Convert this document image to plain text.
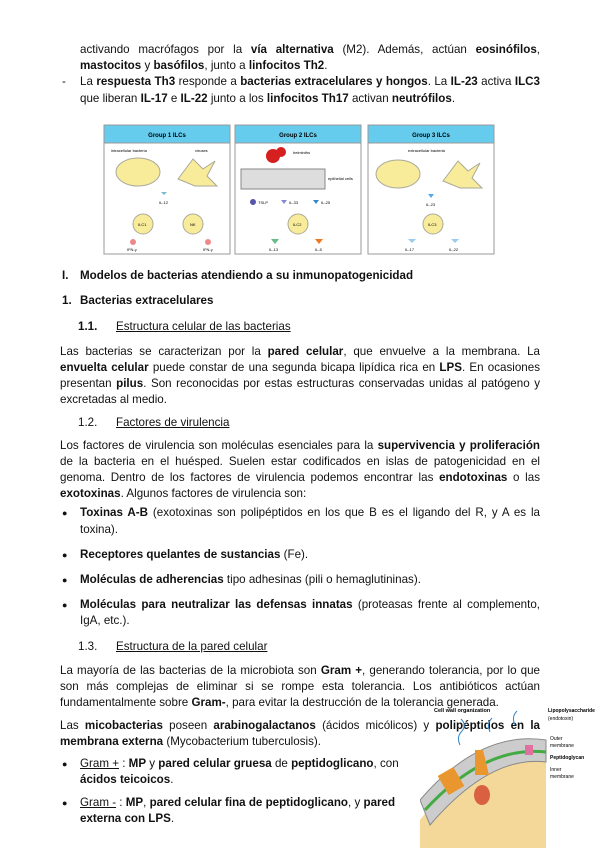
activando macrófagos por la vía alternativa (M2). Además, actúan eosinófilos, mastocitos y basófilos, junto a linfocitos Th2.
-	La respuesta Th3 responde a bacterias extracelulares y hongos. La IL-23 activa ILC3 que liberan IL-17 e IL-22 junto a los linfocitos Th17 activan neutrófilos.
Group 1 ILCs
intracellular bacteria	viruses
IL-12
ILC1	NK
IFN-γ	IFN-γ
Group 2 ILCs
helminths
epithelial cells
TSLP	IL-33	IL-25
ILC2
IL-13	IL-5
Group 3 ILCs
extracellular bacteria
IL-23
ILC3
IL-17	IL-22
I. Modelos de bacterias atendiendo a su inmunopatogenicidad
1. Bacterias extracelulares
1.1.	Estructura celular de las bacterias
Las bacterias se caracterizan por la pared celular, que envuelve a la membrana. La envuelta celular puede constar de una segunda bicapa lipídica rica en LPS. En ocasiones presentan pilus. Son reconocidas por estas estructuras conservadas unidas al patógeno y excretadas al medio.
1.2.	Factores de virulencia
Los factores de virulencia son moléculas esenciales para la supervivencia y proliferación de la bacteria en el huésped. Suelen estar codificados en islas de patogenicidad en el genoma. Dentro de los factores de virulencia podemos encontrar las endotoxinas o las exotoxinas. Algunos factores de virulencia son:
●	Toxinas A-B (exotoxinas son polipéptidos en los que B es el ligando del R, y A es la toxina).
●	Receptores quelantes de sustancias (Fe).
●	Moléculas de adherencias tipo adhesinas (pili o hemaglutininas).
●	Moléculas para neutralizar las defensas innatas (proteasas frente al complemento, IgA, etc.).
1.3.	Estructura de la pared celular
La mayoría de las bacterias de la microbiota son Gram +, generando tolerancia, por lo que son más complejas de eliminar si se rompe esta tolerancia. Los antibióticos actúan fundamentalmente sobre Gram-, para evitar la destrucción de la tolerancia generada.
Las micobacterias poseen arabinogalactanos (ácidos micólicos) y polipéptidos en la membrana externa (Mycobacterium tuberculosis).
●	Gram + : MP y pared celular gruesa de peptidoglicano, con ácidos teicoicos.
●	Gram - : MP, pared celular fina de peptidoglicano, y pared externa con LPS.
Cell wall organization	Lipopolysaccharide
(endotoxin)
Outer
membrane
Peptidoglycan
Inner
membrane
